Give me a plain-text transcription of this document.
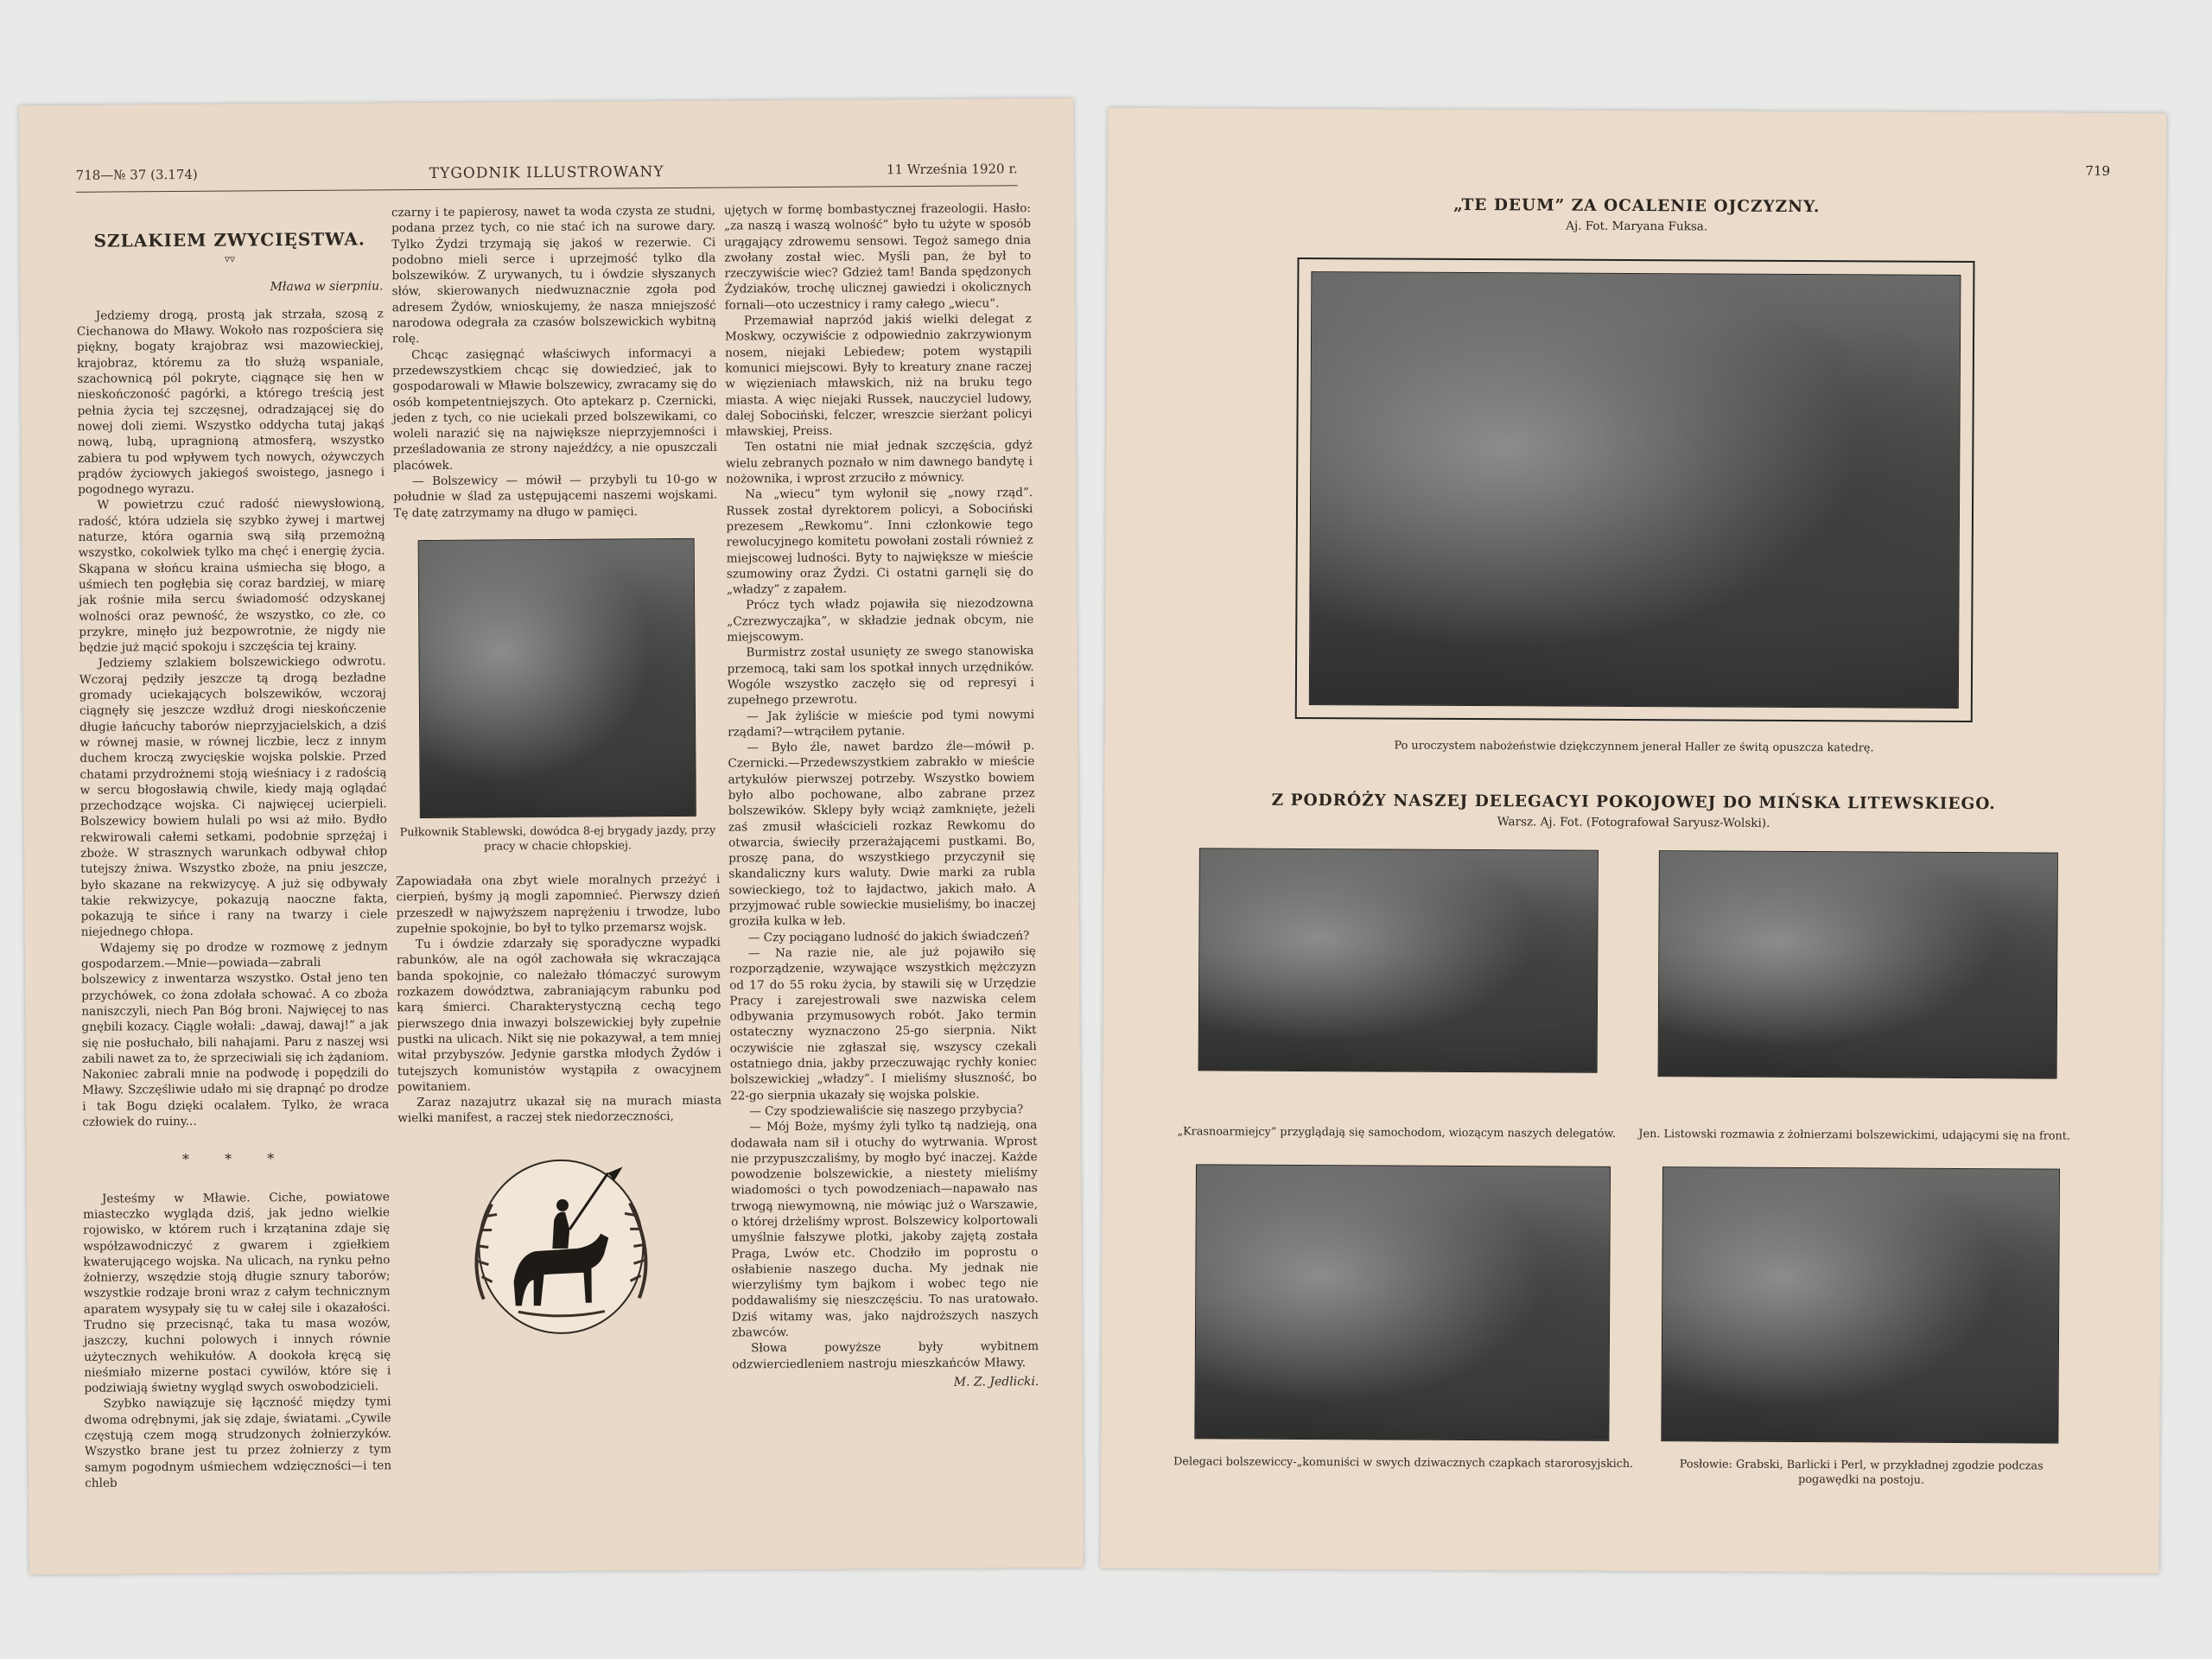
718—№ 37 (3.174)	TYGODNIK ILLUSTROWANY	11 Września 1920 r.
SZLAKIEM ZWYCIĘSTWA.
▿▿
Mława w sierpniu.

Jedziemy drogą, prostą jak strzała, szosą z Ciechanowa do Mławy. Wokoło nas rozpościera się piękny, bogaty krajobraz wsi mazowieckiej, krajobraz, któremu za tło służą wspaniale, szachownicą pól pokryte, ciągnące się hen w nieskończoność pagórki, a którego treścią jest pełnia życia tej szczęsnej, odradzającej się do nowej doli ziemi. Wszystko oddycha tutaj jakąś nową, lubą, upragnioną atmosferą, wszystko zabiera tu pod wpływem tych nowych, ożywczych prądów życiowych jakiegoś swoistego, jasnego i pogodnego wyrazu.

W powietrzu czuć radość niewysłowioną, radość, która udziela się szybko żywej i martwej naturze, która ogarnia swą siłą przemożną wszystko, cokolwiek tylko ma chęć i energię życia. Skąpana w słońcu kraina uśmiecha się błogo, a uśmiech ten pogłębia się coraz bardziej, w miarę jak rośnie miła sercu świadomość odzyskanej wolności oraz pewność, że wszystko, co złe, co przykre, minęło już bezpowrotnie, że nigdy nie będzie już mącić spokoju i szczęścia tej krainy.

Jedziemy szlakiem bolszewickiego odwrotu. Wczoraj pędziły jeszcze tą drogą bezładne gromady uciekających bolszewików, wczoraj ciągnęły się jeszcze wzdłuż drogi nieskończenie długie łańcuchy taborów nieprzyjacielskich, a dziś w równej masie, w równej liczbie, lecz z innym duchem kroczą zwycięskie wojska polskie. Przed chatami przydrożnemi stoją wieśniacy i z radością w sercu błogosławią chwile, kiedy mają oglądać przechodzące wojska. Ci najwięcej ucierpieli. Bolszewicy bowiem hulali po wsi aż miło. Bydło rekwirowali całemi setkami, podobnie sprzężaj i zboże. W strasznych warunkach odbywał chłop tutejszy żniwa. Wszystko zboże, na pniu jeszcze, było skazane na rekwizycyę. A już się odbywały takie rekwizycye, pokazują naoczne fakta, pokazują te sińce i rany na twarzy i ciele niejednego chłopa.

Wdajemy się po drodze w rozmowę z jednym gospodarzem.—Mnie—powiada—zabrali bolszewicy z inwentarza wszystko. Ostał jeno ten przychówek, co żona zdołała schować. A co zboża naniszczyli, niech Pan Bóg broni. Najwięcej to nas gnębili kozacy. Ciągle wołali: „dawaj, dawaj!” a jak się nie posłuchało, bili nahajami. Paru z naszej wsi zabili nawet za to, że sprzeciwiali się ich żądaniom. Nakoniec zabrali mnie na podwodę i popędzili do Mławy. Szczęśliwie udało mi się drapnąć po drodze i tak Bogu dzięki ocalałem. Tylko, że wraca człowiek do ruiny...

* * *

Jesteśmy w Mławie. Ciche, powiatowe miasteczko wygląda dziś, jak jedno wielkie rojowisko, w którem ruch i krzątanina zdaje się współzawodniczyć z gwarem i zgiełkiem kwaterującego wojska. Na ulicach, na rynku pełno żołnierzy, wszędzie stoją długie sznury taborów; wszystkie rodzaje broni wraz z całym technicznym aparatem wysypały się tu w całej sile i okazałości. Trudno się przecisnąć, taka tu masa wozów, jaszczy, kuchni polowych i innych równie użytecznych wehikułów. A dookoła kręcą się nieśmiało mizerne postaci cywilów, które się i podziwiają świetny wygląd swych oswobodzicieli.

Szybko nawiązuje się łączność między tymi dwoma odrębnymi, jak się zdaje, światami. „Cywile częstują czem mogą strudzonych żołnierzyków. Wszystko brane jest tu przez żołnierzy z tym samym pogodnym uśmiechem wdzięczności—i ten chleb

czarny i te papierosy, nawet ta woda czysta ze studni, podana przez tych, co nie stać ich na surowe dary. Tylko Żydzi trzymają się jakoś w rezerwie. Ci podobno mieli serce i uprzejmość tylko dla bolszewików. Z urywanych, tu i ówdzie słyszanych słów, skierowanych niedwuznacznie zgoła pod adresem Żydów, wnioskujemy, że nasza mniejszość narodowa odegrała za czasów bolszewickich wybitną rolę.

Chcąc zasięgnąć właściwych informacyi a przedewszystkiem chcąc się dowiedzieć, jak to gospodarowali w Mławie bolszewicy, zwracamy się do osób kompetentniejszych. Oto aptekarz p. Czernicki, jeden z tych, co nie uciekali przed bolszewikami, co woleli narazić się na największe nieprzyjemności i prześladowania ze strony najeźdźcy, a nie opuszczali placówek.

— Bolszewicy — mówił — przybyli tu 10-go w południe w ślad za ustępującemi naszemi wojskami. Tę datę zatrzymamy na długo w pamięci.

Pułkownik Stablewski, dowódca 8-ej brygady jazdy, przy pracy w chacie chłopskiej.

Zapowiadała ona zbyt wiele moralnych przeżyć i cierpień, byśmy ją mogli zapomnieć. Pierwszy dzień przeszedł w najwyższem naprężeniu i trwodze, lubo zupełnie spokojnie, bo był to tylko przemarsz wojsk.

Tu i ówdzie zdarzały się sporadyczne wypadki rabunków, ale na ogół zachowała się wkraczająca banda spokojnie, co należało tłómaczyć surowym rozkazem dowództwa, zabraniającym rabunku pod karą śmierci. Charakterystyczną cechą tego pierwszego dnia inwazyi bolszewickiej były zupełnie pustki na ulicach. Nikt się nie pokazywał, a tem mniej witał przybyszów. Jedynie garstka młodych Żydów i tutejszych komunistów wystąpiła z owacyjnem powitaniem.

Zaraz nazajutrz ukazał się na murach miasta wielki manifest, a raczej stek niedorzeczności,

ujętych w formę bombastycznej frazeologii. Hasło: „za naszą i waszą wolność” było tu użyte w sposób urągający zdrowemu sensowi. Tegoż samego dnia zwołany został wiec. Myśli pan, że był to rzeczywiście wiec? Gdzież tam! Banda spędzonych Żydziaków, trochę ulicznej gawiedzi i okolicznych fornali—oto uczestnicy i ramy całego „wiecu”.

Przemawiał naprzód jakiś wielki delegat z Moskwy, oczywiście z odpowiednio zakrzywionym nosem, niejaki Lebiedew; potem wystąpili komunici miejscowi. Były to kreatury znane raczej w więzieniach mławskich, niż na bruku tego miasta. A więc niejaki Russek, nauczyciel ludowy, dalej Sobociński, felczer, wreszcie sierżant policyi mławskiej, Preiss.

Ten ostatni nie miał jednak szczęścia, gdyż wielu zebranych poznało w nim dawnego bandytę i nożownika, i wprost zrzuciło z mównicy.

Na „wiecu” tym wyłonił się „nowy rząd”. Russek został dyrektorem policyi, a Sobociński prezesem „Rewkomu”. Inni członkowie tego rewolucyjnego komitetu powołani zostali również z miejscowej ludności. Byty to największe w mieście szumowiny oraz Żydzi. Ci ostatni garnęli się do „władzy” z zapałem.

Prócz tych władz pojawiła się niezodzowna „Czrezwyczajka”, w składzie jednak obcym, nie miejscowym.

Burmistrz został usunięty ze swego stanowiska przemocą, taki sam los spotkał innych urzędników. Wogóle wszystko zaczęło się od represyi i zupełnego przewrotu.

— Jak żyliście w mieście pod tymi nowymi rządami?—wtrąciłem pytanie.

— Było źle, nawet bardzo źle—mówił p. Czernicki.—Przedewszystkiem zabrakło w mieście artykułów pierwszej potrzeby. Wszystko bowiem było albo pochowane, albo zabrane przez bolszewików. Sklepy były wciąż zamknięte, jeżeli zaś zmusił właścicieli rozkaz Rewkomu do otwarcia, świeciły przerażającemi pustkami. Bo, proszę pana, do wszystkiego przyczynił się skandaliczny kurs waluty. Dwie marki za rubla sowieckiego, toż to łajdactwo, jakich mało. A przyjmować ruble sowieckie musieliśmy, bo inaczej groziła kulka w łeb.

— Czy pociągano ludność do jakich świadczeń?

— Na razie nie, ale już pojawiło się rozporządzenie, wzywające wszystkich mężczyzn od 17 do 55 roku życia, by stawili się w Urzędzie Pracy i zarejestrowali swe nazwiska celem odbywania przymusowych robót. Jako termin ostateczny wyznaczono 25-go sierpnia. Nikt oczywiście nie zgłaszał się, wszyscy czekali ostatniego dnia, jakby przeczuwając rychły koniec bolszewickiej „władzy”. I mieliśmy słuszność, bo 22-go sierpnia ukazały się wojska polskie.

— Czy spodziewaliście się naszego przybycia?

— Mój Boże, myśmy żyli tylko tą nadzieją, ona dodawała nam sił i otuchy do wytrwania. Wprost nie przypuszczaliśmy, by mogło być inaczej. Każde powodzenie bolszewickie, a niestety mieliśmy wiadomości o tych powodzeniach—napawało nas trwogą niewymowną, nie mówiąc już o Warszawie, o której drżeliśmy wprost. Bolszewicy kolportowali umyślnie fałszywe plotki, jakoby zajętą została Praga, Lwów etc. Chodziło im poprostu o osłabienie naszego ducha. My jednak nie wierzyliśmy tym bajkom i wobec tego nie poddawaliśmy się nieszczęściu. To nas uratowało. Dziś witamy was, jako najdroższych naszych zbawców.

Słowa powyższe były wybitnem odzwierciedleniem nastroju mieszkańców Mławy.

M. Z. Jedlicki.
719
„TE DEUM” ZA OCALENIE OJCZYZNY.
Aj. Fot. Maryana Fuksa.
Po uroczystem nabożeństwie dziękczynnem jenerał Haller ze świtą opuszcza katedrę.
Z PODRÓŻY NASZEJ DELEGACYI POKOJOWEJ DO MIŃSKA LITEWSKIEGO.
Warsz. Aj. Fot. (Fotografował Saryusz-Wolski).
„Krasnoarmiejcy” przyglądają się samochodom, wiozącym naszych delegatów.	Jen. Listowski rozmawia z żołnierzami bolszewickimi, udającymi się na front.
Delegaci bolszewiccy-„komuniści w swych dziwacznych czapkach starorosyjskich.	Posłowie: Grabski, Barlicki i Perl, w przykładnej zgodzie podczas pogawędki na postoju.
